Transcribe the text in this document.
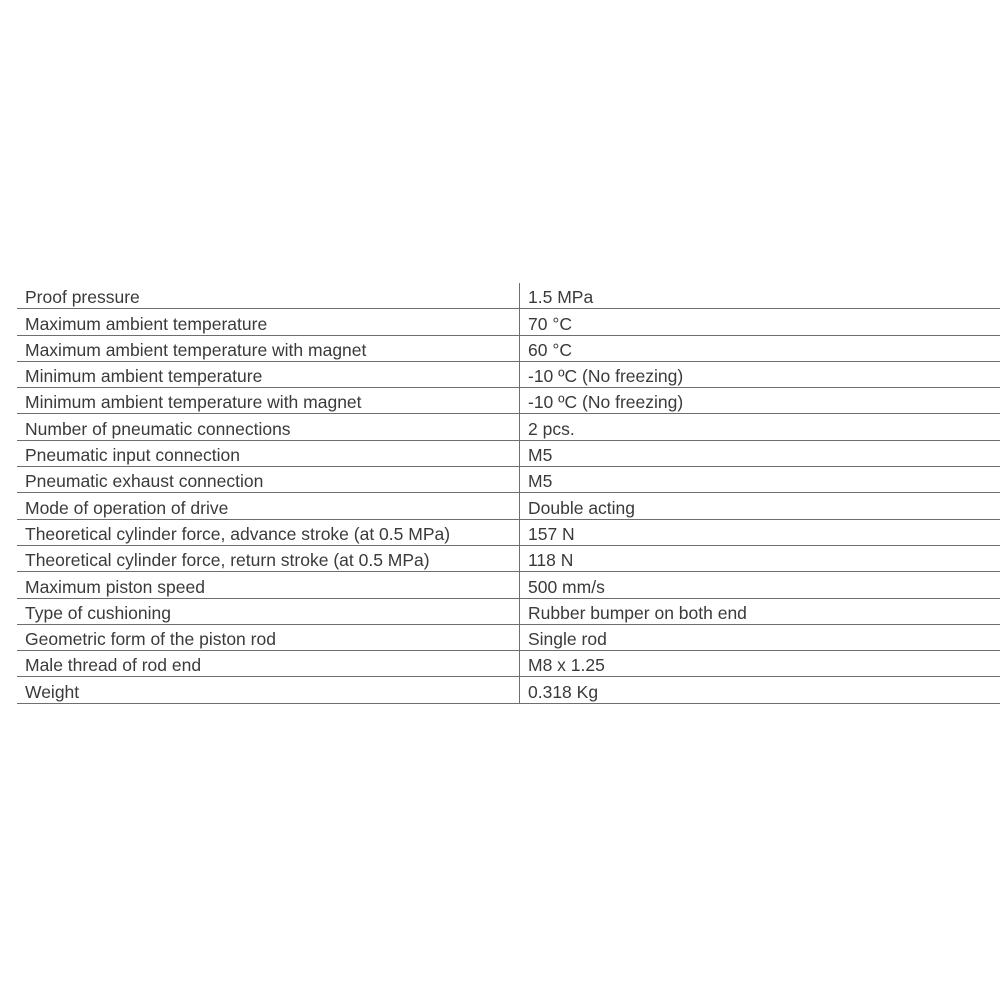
Proof pressure	1.5 MPa
Maximum ambient temperature	70 °C
Maximum ambient temperature with magnet	60 °C
Minimum ambient temperature	-10 ºC (No freezing)
Minimum ambient temperature with magnet	-10 ºC (No freezing)
Number of pneumatic connections	2 pcs.
Pneumatic input connection	M5
Pneumatic exhaust connection	M5
Mode of operation of drive	Double acting
Theoretical cylinder force, advance stroke (at 0.5 MPa)	157 N
Theoretical cylinder force, return stroke (at 0.5 MPa)	118 N
Maximum piston speed	500 mm/s
Type of cushioning	Rubber bumper on both end
Geometric form of the piston rod	Single rod
Male thread of rod end	M8 x 1.25
Weight	0.318 Kg
